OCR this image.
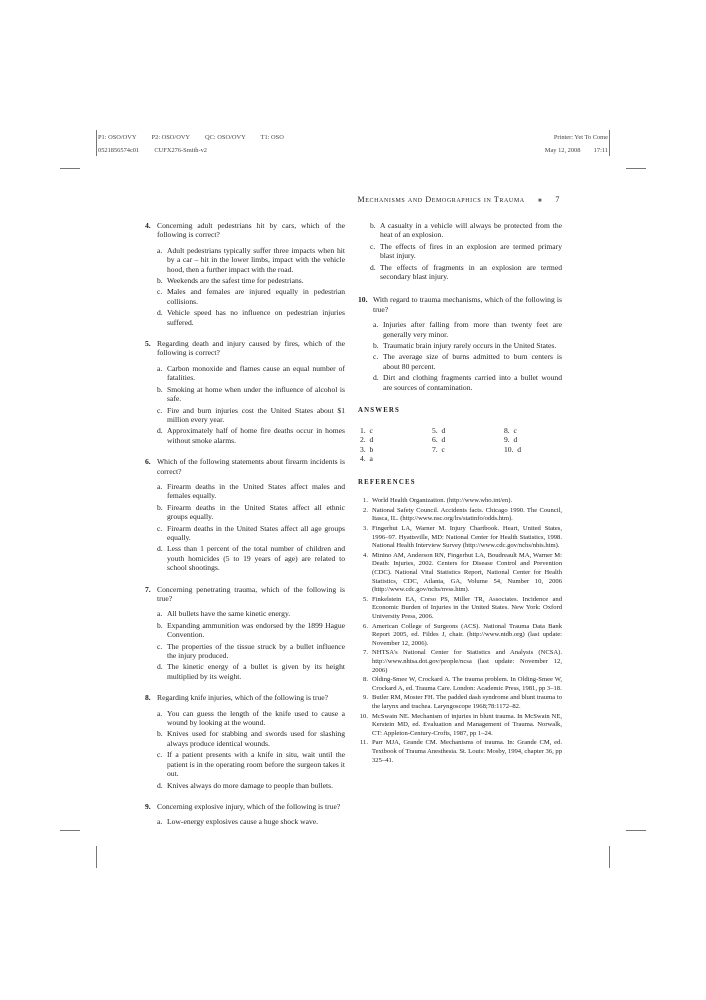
P1: OSO/OVY P2: OSO/OVY QC: OSO/OVY T1: OSO	Printer: Yet To Come
0521856574c01 CUFX276-Smith-v2	May 12, 2008 17:11
Mechanisms and Demographics in Trauma ■ 7
4. Concerning adult pedestrians hit by cars, which of the following is correct?
a. Adult pedestrians typically suffer three impacts when hit by a car – hit in the lower limbs, impact with the vehicle hood, then a further impact with the road.
b. Weekends are the safest time for pedestrians.
c. Males and females are injured equally in pedestrian collisions.
d. Vehicle speed has no influence on pedestrian injuries suffered.
5. Regarding death and injury caused by fires, which of the following is correct?
a. Carbon monoxide and flames cause an equal number of fatalities.
b. Smoking at home when under the influence of alcohol is safe.
c. Fire and burn injuries cost the United States about $1 million every year.
d. Approximately half of home fire deaths occur in homes without smoke alarms.
6. Which of the following statements about firearm incidents is correct?
a. Firearm deaths in the United States affect males and females equally.
b. Firearm deaths in the United States affect all ethnic groups equally.
c. Firearm deaths in the United States affect all age groups equally.
d. Less than 1 percent of the total number of children and youth homicides (5 to 19 years of age) are related to school shootings.
7. Concerning penetrating trauma, which of the following is true?
a. All bullets have the same kinetic energy.
b. Expanding ammunition was endorsed by the 1899 Hague Convention.
c. The properties of the tissue struck by a bullet influence the injury produced.
d. The kinetic energy of a bullet is given by its height multiplied by its weight.
8. Regarding knife injuries, which of the following is true?
a. You can guess the length of the knife used to cause a wound by looking at the wound.
b. Knives used for stabbing and swords used for slashing always produce identical wounds.
c. If a patient presents with a knife in situ, wait until the patient is in the operating room before the surgeon takes it out.
d. Knives always do more damage to people than bullets.
9. Concerning explosive injury, which of the following is true?
a. Low-energy explosives cause a huge shock wave.
b. A casualty in a vehicle will always be protected from the heat of an explosion.
c. The effects of fires in an explosion are termed primary blast injury.
d. The effects of fragments in an explosion are termed secondary blast injury.
10. With regard to trauma mechanisms, which of the following is true?
a. Injuries after falling from more than twenty feet are generally very minor.
b. Traumatic brain injury rarely occurs in the United States.
c. The average size of burns admitted to burn centers is about 80 percent.
d. Dirt and clothing fragments carried into a bullet wound are sources of contamination.
ANSWERS
1.  c	5.  d	8.  c
2.  d	6.  d	9.  d
3.  b	7.  c	10.  d
4.  a
REFERENCES
1. World Health Organization. (http://www.who.int/en).
2. National Safety Council. Accidents facts. Chicago 1990. The Council, Itasca, IL. (http://www.nsc.org/lrs/statinfo/odds.htm).
3. Fingerhut LA, Warner M. Injury Chartbook. Heart, United States, 1996–97. Hyattsville, MD: National Center for Health Statistics, 1998. National Health Interview Survey (http://www.cdc.gov/nchs/nhis.htm).
4. Minino AM, Anderson RN, Fingerhut LA, Boudreault MA, Warner M: Death: Injuries, 2002. Centers for Disease Control and Prevention (CDC). National Vital Statistics Report, National Center for Health Statistics, CDC, Atlanta, GA, Volume 54, Number 10, 2006 (http://www.cdc.gov/nchs/nvss.htm).
5. Finkelstein EA, Corso PS, Miller TR, Associates. Incidence and Economic Burden of Injuries in the United States. New York: Oxford University Press, 2006.
6. American College of Surgeons (ACS). National Trauma Data Bank Report 2005, ed. Fildes J, chair. (http://www.ntdb.org) (last update: November 12, 2006).
7. NHTSA's National Center for Statistics and Analysis (NCSA). http://www.nhtsa.dot.gov/people/ncsa (last update: November 12, 2006)
8. Olding-Smee W, Crockard A. The trauma problem. In Olding-Smee W, Crockard A, ed. Trauma Care. London: Academic Press, 1981, pp 3–18.
9. Butler RM, Moster FH. The padded dash syndrome and blunt trauma to the larynx and trachea. Laryngoscope 1968;78:1172–82.
10. McSwain NE. Mechanism of injuries in blunt trauma. In McSwain NE, Kerstein MD, ed. Evaluation and Management of Trauma. Norwalk, CT: Appleton-Century-Crofts, 1987, pp 1–24.
11. Parr MJA, Grande CM. Mechanisms of trauma. In: Grande CM, ed. Textbook of Trauma Anesthesia. St. Louis: Mosby, 1994, chapter 36, pp 325–41.
